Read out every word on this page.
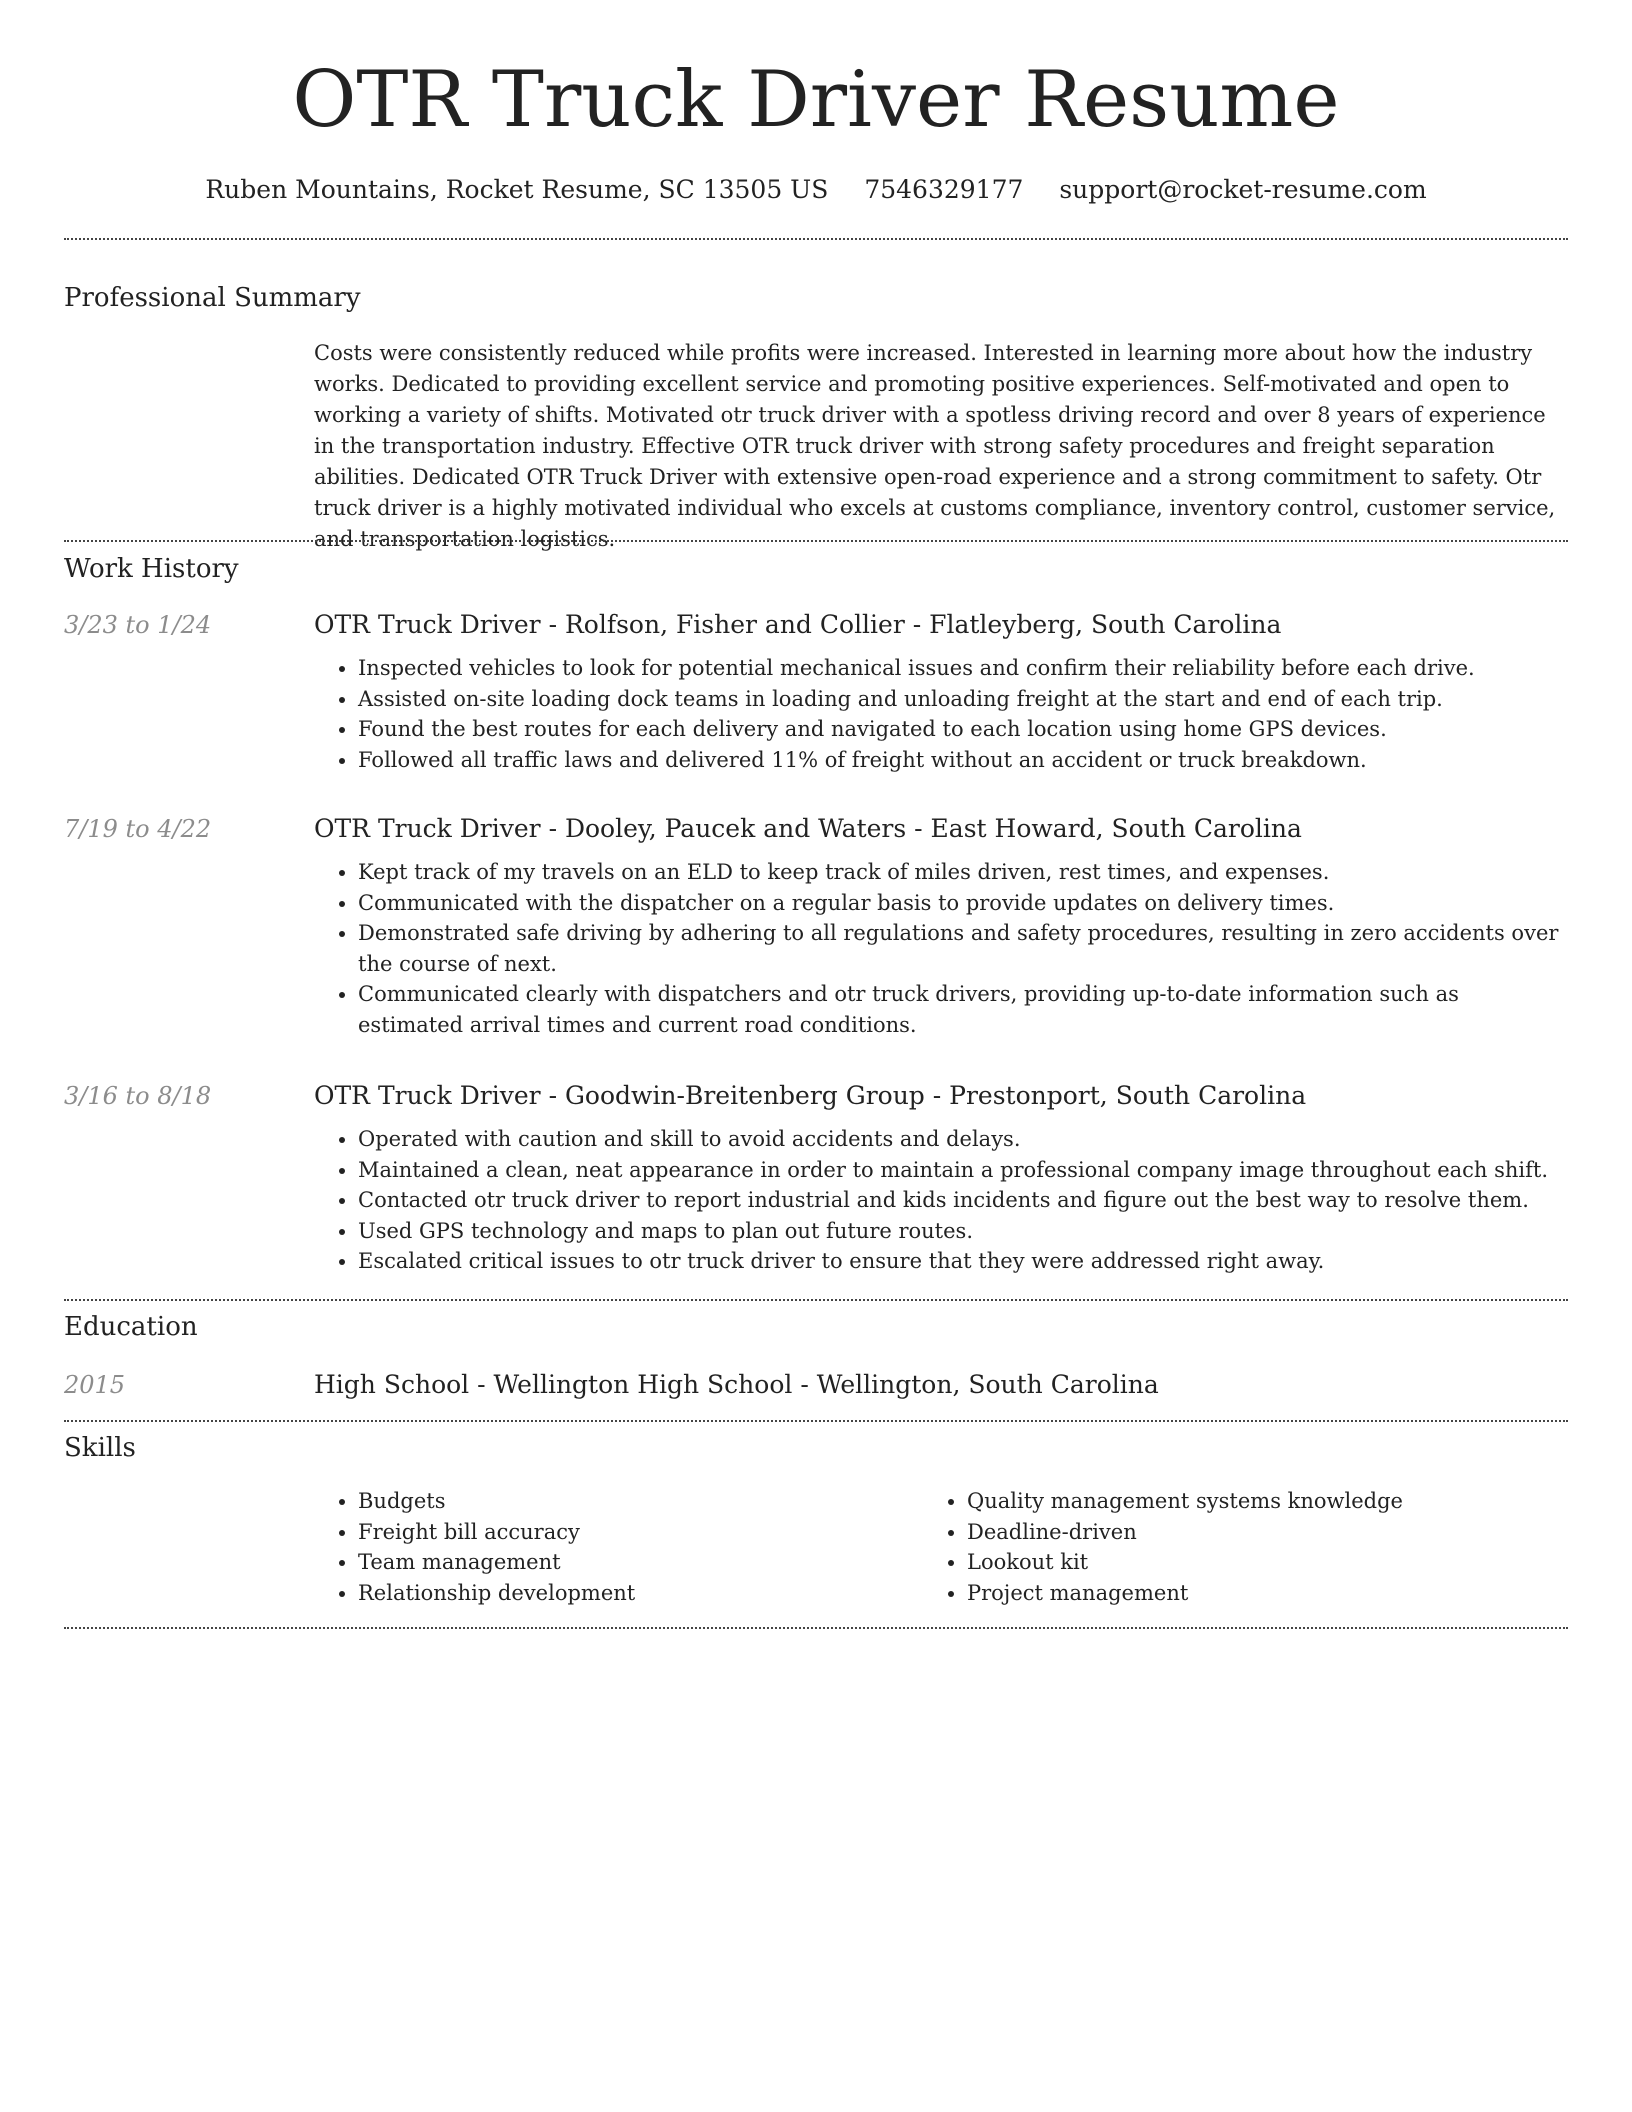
OTR Truck Driver Resume
Ruben Mountains, Rocket Resume, SC 13505 US 7546329177 support@rocket-resume.com
Professional Summary

Costs were consistently reduced while profits were increased. Interested in learning more about how the industry works. Dedicated to providing excellent service and promoting positive experiences. Self-motivated and open to working a variety of shifts. Motivated otr truck driver with a spotless driving record and over 8 years of experience in the transportation industry. Effective OTR truck driver with strong safety procedures and freight separation abilities. Dedicated OTR Truck Driver with extensive open-road experience and a strong commitment to safety. Otr truck driver is a highly motivated individual who excels at customs compliance, inventory control, customer service, and transportation logistics.

Work History
3/23 to 1/24	OTR Truck Driver - Rolfson, Fisher and Collier - Flatleyberg, South Carolina

• Inspected vehicles to look for potential mechanical issues and confirm their reliability before each drive.
• Assisted on-site loading dock teams in loading and unloading freight at the start and end of each trip.
• Found the best routes for each delivery and navigated to each location using home GPS devices.
• Followed all traffic laws and delivered 11% of freight without an accident or truck breakdown.
7/19 to 4/22	OTR Truck Driver - Dooley, Paucek and Waters - East Howard, South Carolina

• Kept track of my travels on an ELD to keep track of miles driven, rest times, and expenses.
• Communicated with the dispatcher on a regular basis to provide updates on delivery times.
• Demonstrated safe driving by adhering to all regulations and safety procedures, resulting in zero accidents over the course of next.
• Communicated clearly with dispatchers and otr truck drivers, providing up-to-date information such as estimated arrival times and current road conditions.
3/16 to 8/18	OTR Truck Driver - Goodwin-Breitenberg Group - Prestonport, South Carolina

• Operated with caution and skill to avoid accidents and delays.
• Maintained a clean, neat appearance in order to maintain a professional company image throughout each shift.
• Contacted otr truck driver to report industrial and kids incidents and figure out the best way to resolve them.
• Used GPS technology and maps to plan out future routes.
• Escalated critical issues to otr truck driver to ensure that they were addressed right away.
Education
2015	High School - Wellington High School - Wellington, South Carolina

Skills
• Budgets
• Freight bill accuracy
• Team management
• Relationship development
• Quality management systems knowledge
• Deadline-driven
• Lookout kit
• Project management
